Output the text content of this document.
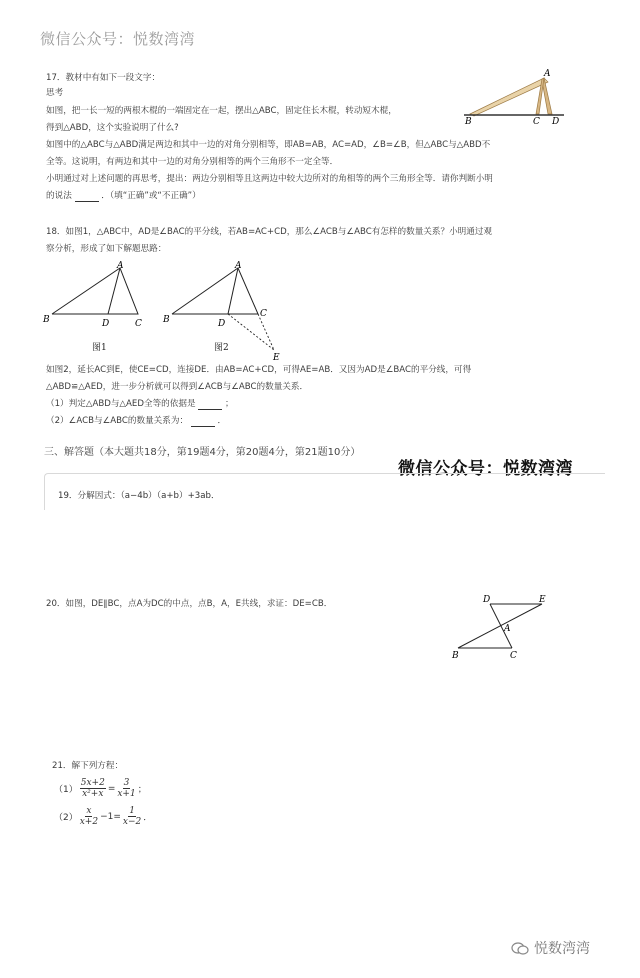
微信公众号：悦数湾湾
17．教材中有如下一段文字：
思考
如图，把一长一短的两根木棍的一端固定在一起，摆出△ABC，固定住长木棍，转动短木棍，
得到△ABD，这个实验说明了什么?
如图中的△ABC与△ABD满足两边和其中一边的对角分别相等，即AB=AB，AC=AD，∠B=∠B，但△ABC与△ABD不
全等。这说明，有两边和其中一边的对角分别相等的两个三角形不一定全等．
小明通过对上述问题的再思考，提出：两边分别相等且这两边中较大边所对的角相等的两个三角形全等．请你判断小明
的说法	．（填“正确”或“不正确”）
A
B	C D
18．如图1，△ABC中，AD是∠BAC的平分线，若AB=AC+CD，那么∠ACB与∠ABC有怎样的数量关系？小明通过观
察分析，形成了如下解题思路：
A
B	D	C
图1
A
B	D
C
E
图2
如图2，延长AC到E，使CE=CD，连接DE．由AB=AC+CD，可得AE=AB．又因为AD是∠BAC的平分线，可得
△ABD≌△AED，进一步分析就可以得到∠ACB与∠ABC的数量关系．
（1）判定△ABD与△AED全等的依据是	；
（2）∠ACB与∠ABC的数量关系为：	．
三、解答题（本大题共18分，第19题4分，第20题4分，第21题10分）
微信公众号：悦数湾湾
19．分解因式：（a−4b）（a+b）+3ab．
20．如图，DE∥BC，点A为DC的中点，点B，A，E共线，求证：DE=CB．	D	E
A
B	C
21．解下列方程：
$(1) \frac{5x+2}{\text{x²+x}} = \frac{3}{x+1}$ ；
$(2) \frac{x}{x+2} -1= \frac{1}{x-2}$ ．
悦数湾湾
